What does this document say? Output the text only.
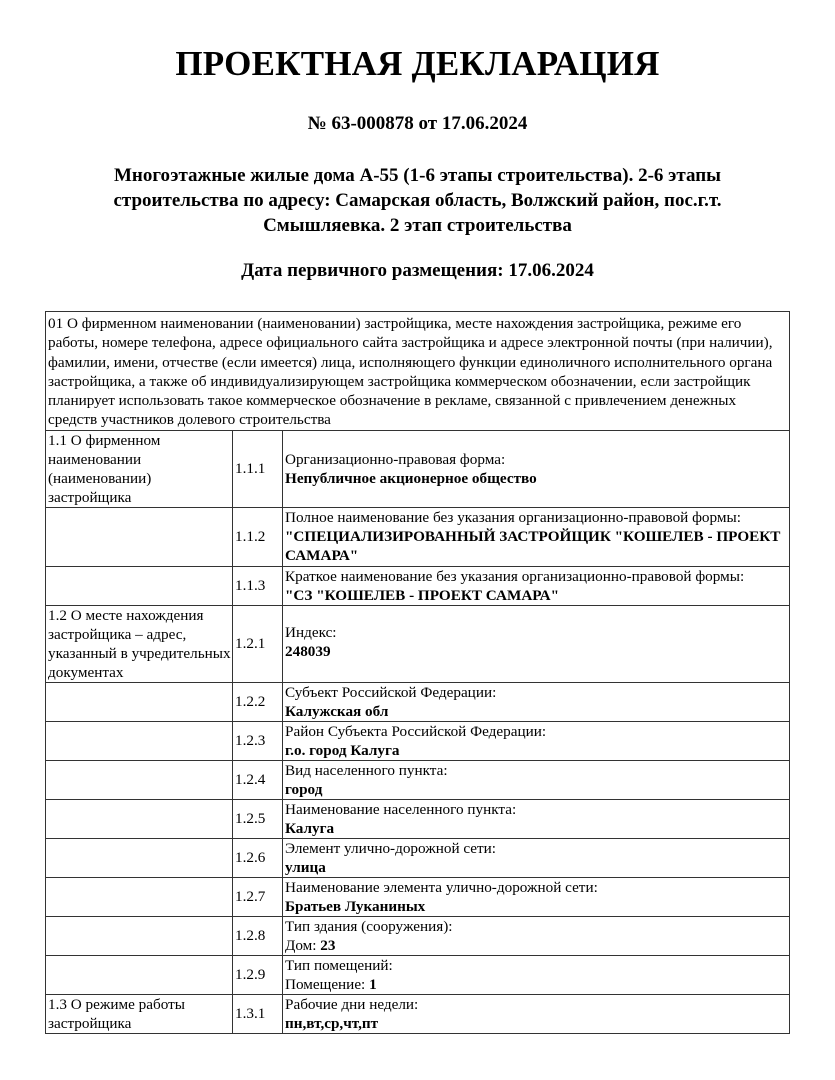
ПРОЕКТНАЯ ДЕКЛАРАЦИЯ
№ 63-000878 от 17.06.2024
Многоэтажные жилые дома А-55 (1-6 этапы строительства). 2-6 этапы строительства по адресу: Самарская область, Волжский район, пос.г.т. Смышляевка. 2 этап строительства
Дата первичного размещения: 17.06.2024
01 О фирменном наименовании (наименовании) застройщика, месте нахождения застройщика, режиме его работы, номере телефона, адресе официального сайта застройщика и адресе электронной почты (при наличии), фамилии, имени, отчестве (если имеется) лица, исполняющего функции единоличного исполнительного органа застройщика, а также об индивидуализирующем застройщика коммерческом обозначении, если застройщик планирует использовать такое коммерческое обозначение в рекламе, связанной с привлечением денежных средств участников долевого строительства		
1.1 О фирменном наименовании (наименовании) застройщика	1.1.1	Организационно-правовая форма:
Непубличное акционерное общество

	1.1.2	Полное наименование без указания организационно-правовой формы:
"СПЕЦИАЛИЗИРОВАННЫЙ ЗАСТРОЙЩИК "КОШЕЛЕВ - ПРОЕКТ САМАРА"

	1.1.3	Краткое наименование без указания организационно-правовой формы:
"СЗ "КОШЕЛЕВ - ПРОЕКТ САМАРА"

1.2 О месте нахождения застройщика – адрес, указанный в учредительных документах	1.2.1	Индекс:
248039

	1.2.2	Субъект Российской Федерации:
Калужская обл

	1.2.3	Район Субъекта Российской Федерации:
г.о. город Калуга

	1.2.4	Вид населенного пункта:
город

	1.2.5	Наименование населенного пункта:
Калуга

	1.2.6	Элемент улично-дорожной сети:
улица

	1.2.7	Наименование элемента улично-дорожной сети:
Братьев Луканиных

	1.2.8	Тип здания (сооружения):
Дом: 23
	1.2.9	Тип помещений:
Помещение: 1
1.3 О режиме работы застройщика	1.3.1	Рабочие дни недели:
пн,вт,ср,чт,пт
